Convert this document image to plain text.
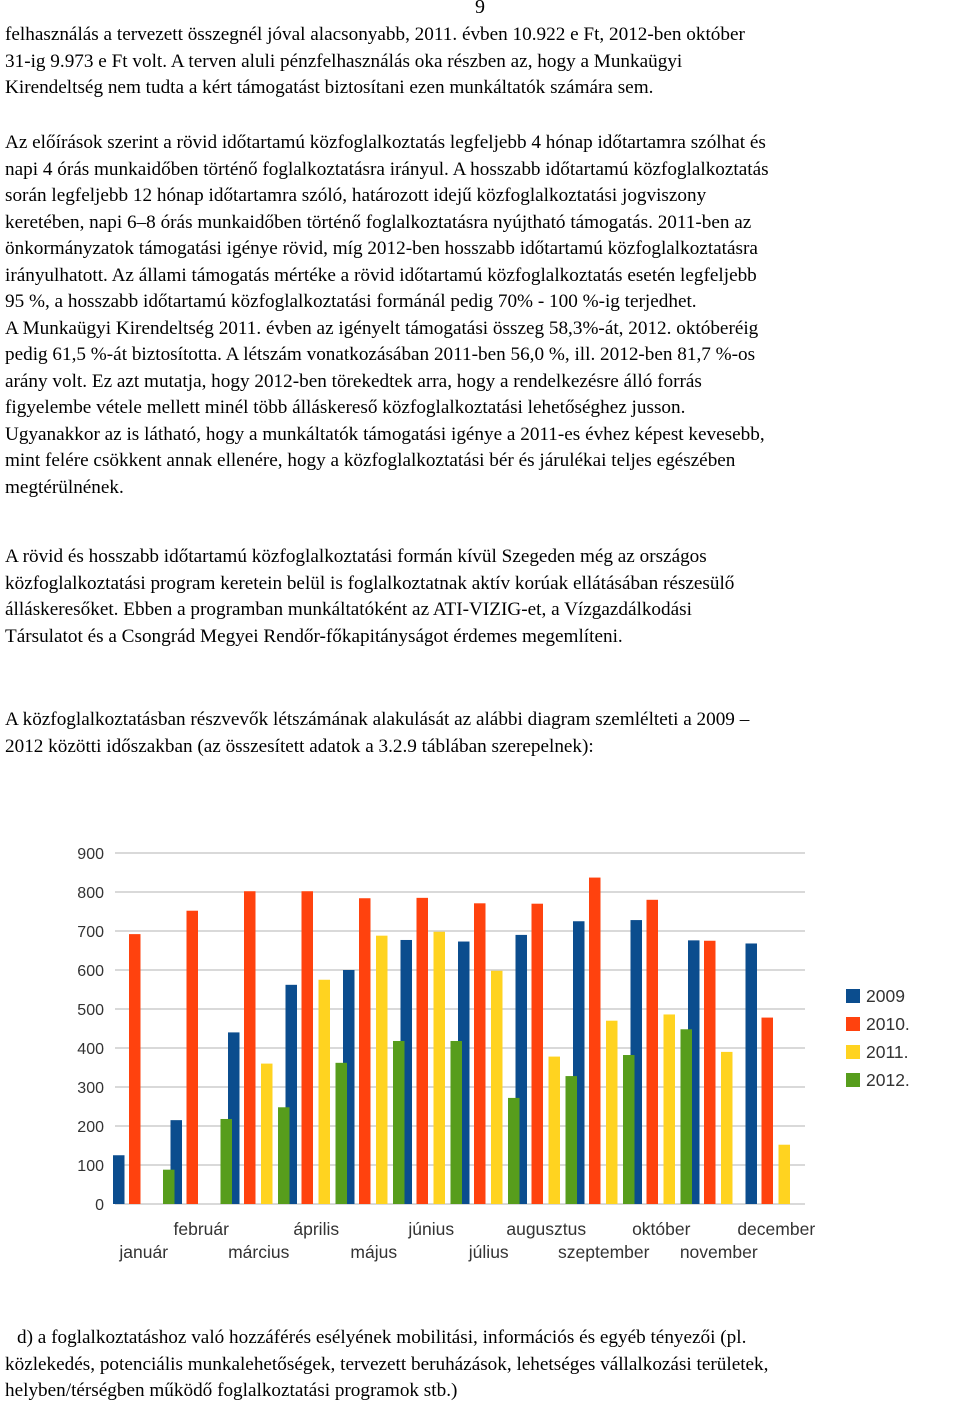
9

felhasználás a tervezett összegnél jóval alacsonyabb, 2011. évben 10.922 e Ft, 2012-ben október
31-ig 9.973 e Ft volt. A terven aluli pénzfelhasználás oka részben az, hogy a Munkaügyi
Kirendeltség nem tudta a kért támogatást biztosítani ezen munkáltatók számára sem.

Az előírások szerint a rövid időtartamú közfoglalkoztatás legfeljebb 4 hónap időtartamra szólhat és
napi 4 órás munkaidőben történő foglalkoztatásra irányul. A hosszabb időtartamú közfoglalkoztatás
során legfeljebb 12 hónap időtartamra szóló, határozott idejű közfoglalkoztatási jogviszony
keretében, napi 6–8 órás munkaidőben történő foglalkoztatásra nyújtható támogatás. 2011-ben az
önkormányzatok támogatási igénye rövid, míg 2012-ben hosszabb időtartamú közfoglalkoztatásra
irányulhatott. Az állami támogatás mértéke a rövid időtartamú közfoglalkoztatás esetén legfeljebb
95 %, a hosszabb időtartamú közfoglalkoztatási formánál pedig 70% - 100 %-ig terjedhet.
A Munkaügyi Kirendeltség 2011. évben az igényelt támogatási összeg 58,3%-át, 2012. októberéig
pedig 61,5 %-át biztosította. A létszám vonatkozásában 2011-ben 56,0 %, ill. 2012-ben 81,7 %-os
arány volt. Ez azt mutatja, hogy 2012-ben törekedtek arra, hogy a rendelkezésre álló forrás
figyelembe vétele mellett minél több álláskereső közfoglalkoztatási lehetőséghez jusson.
Ugyanakkor az is látható, hogy a munkáltatók támogatási igénye a 2011-es évhez képest kevesebb,
mint felére csökkent annak ellenére, hogy a közfoglalkoztatási bér és járulékai teljes egészében
megtérülnének.

A rövid és hosszabb időtartamú közfoglalkoztatási formán kívül Szegeden még az országos
közfoglalkoztatási program keretein belül is foglalkoztatnak aktív korúak ellátásában részesülő
álláskeresőket. Ebben a programban munkáltatóként az ATI-VIZIG-et, a Vízgazdálkodási
Társulatot és a Csongrád Megyei Rendőr-főkapitányságot érdemes megemlíteni.

A közfoglalkoztatásban részvevők létszámának alakulását az alábbi diagram szemlélteti a 2009 –
2012 közötti időszakban (az összesített adatok a 3.2.9 táblában szerepelnek):

0
100
200
300
400
500
600
700
800
900
január
február
március
április
május
június
július
augusztus
szeptember
október
november
december
2009
2010.
2011.
2012.

d) a foglalkoztatáshoz való hozzáférés esélyének mobilitási, információs és egyéb tényezői (pl.
közlekedés, potenciális munkalehetőségek, tervezett beruházások, lehetséges vállalkozási területek,
helyben/térségben működő foglalkoztatási programok stb.)
